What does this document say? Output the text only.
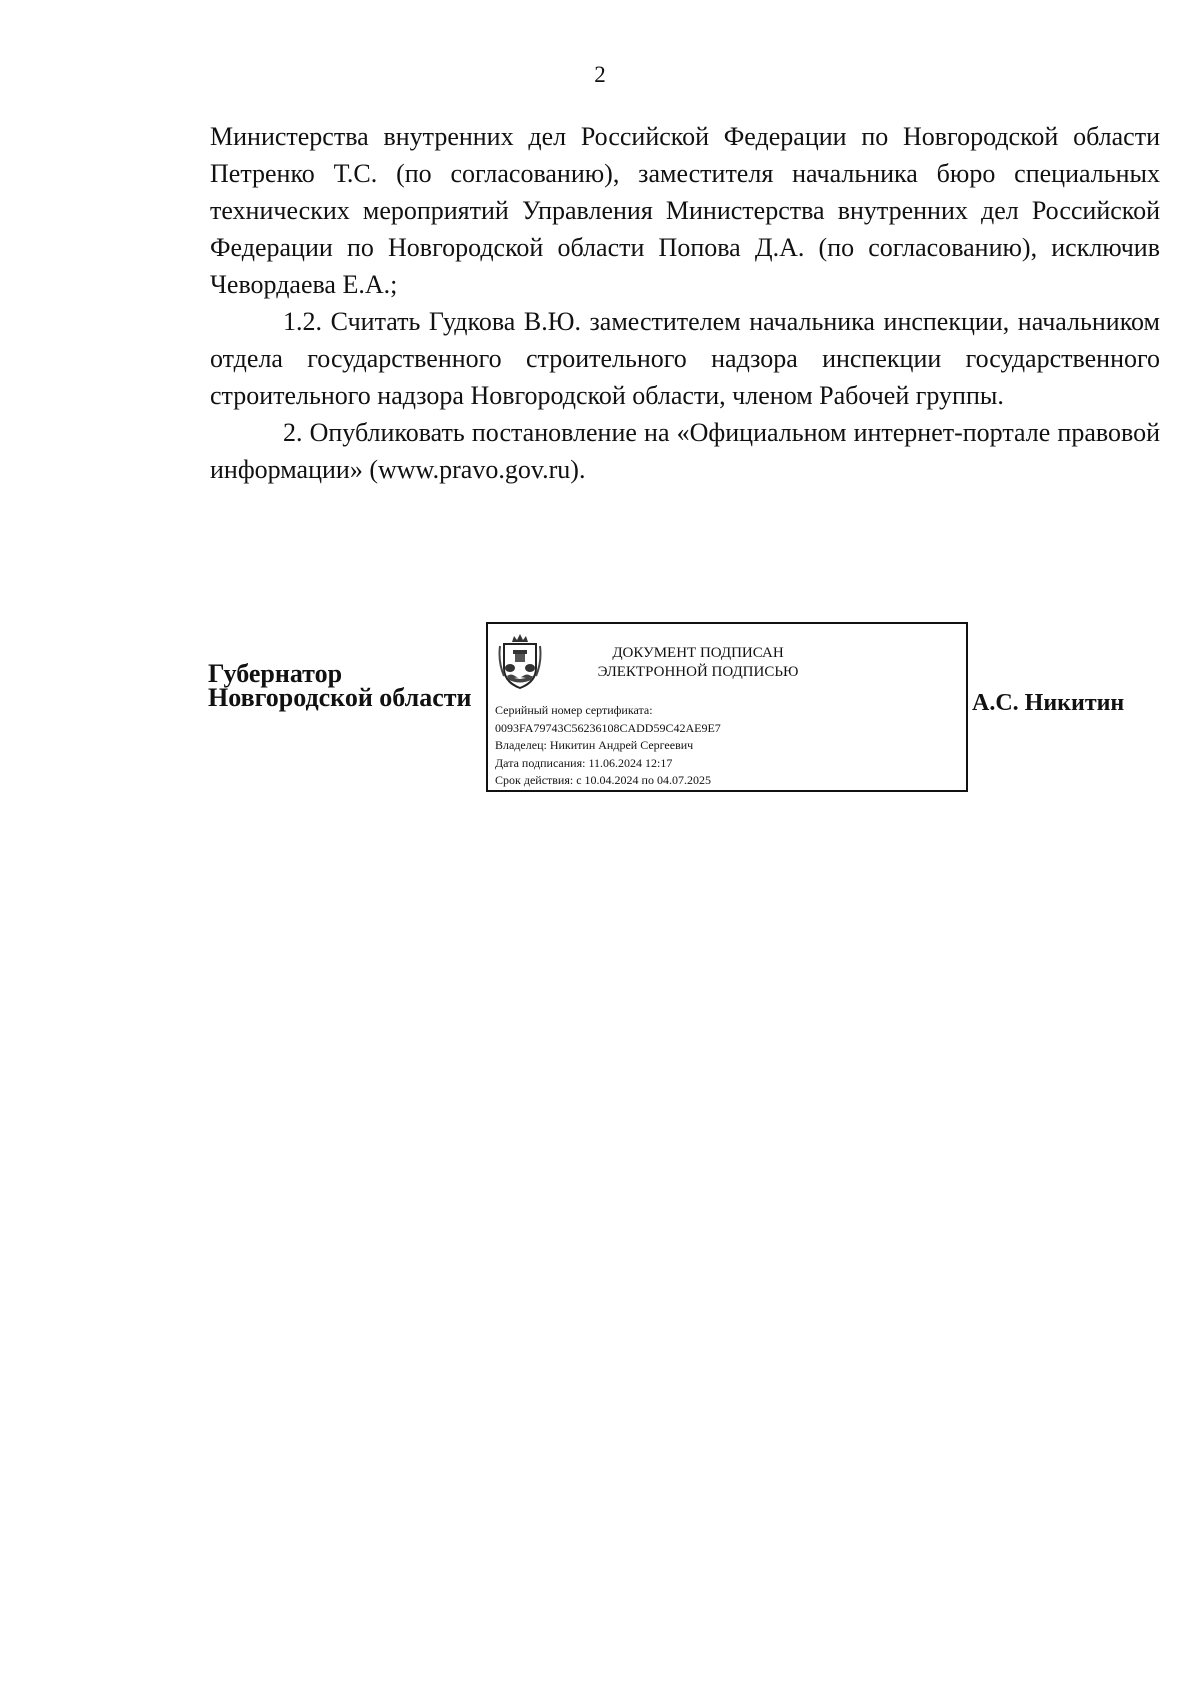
2

Министерства внутренних дел Российской Федерации по Новгородской области Петренко Т.С. (по согласованию), заместителя начальника бюро специальных технических мероприятий Управления Министерства внутренних дел Российской Федерации по Новгородской области Попова Д.А. (по согласованию), исключив Чевордаева Е.А.;

1.2. Считать Гудкова В.Ю. заместителем начальника инспекции, начальником отдела государственного строительного надзора инспекции государственного строительного надзора Новгородской области, членом Рабочей группы.

2. Опубликовать постановление на «Официальном интернет-портале правовой информации» (www.pravo.gov.ru).

Губернатор
Новгородской области
ДОКУМЕНТ ПОДПИСАН
ЭЛЕКТРОННОЙ ПОДПИСЬЮ
Серийный номер сертификата:
0093FA79743C56236108CADD59C42AE9E7
Владелец: Никитин Андрей Сергеевич
Дата подписания: 11.06.2024 12:17
Срок действия: с 10.04.2024 по 04.07.2025
А.С. Никитин
